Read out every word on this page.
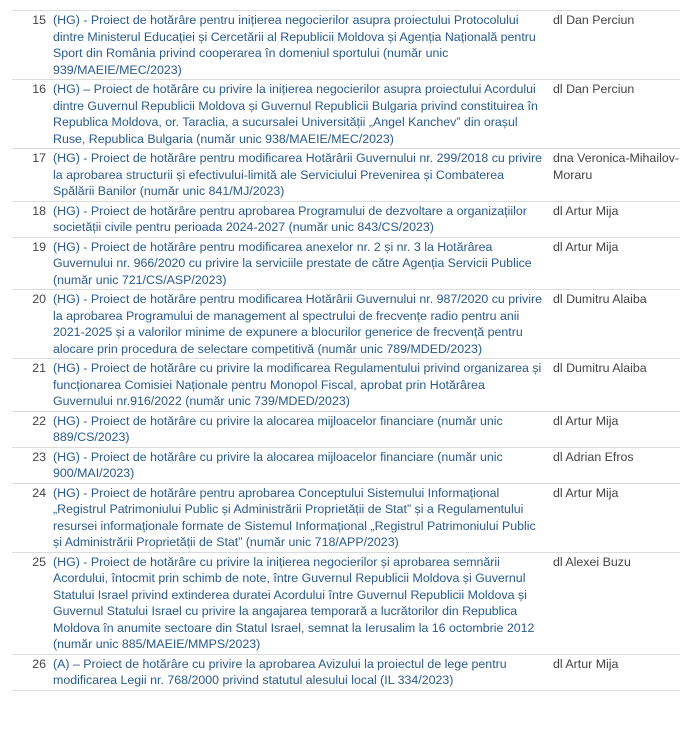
15	(HG) - Proiect de hotărâre pentru inițierea negocierilor asupra proiectului Protocolului dintre Ministerul Educației și Cercetării al Republicii Moldova și Agenția Națională pentru Sport din România privind cooperarea în domeniul sportului (număr unic 939/MAEIE/MEC/2023)	dl Dan Perciun
16	(HG) – Proiect de hotărâre cu privire la inițierea negocierilor asupra proiectului Acordului dintre Guvernul Republicii Moldova și Guvernul Republicii Bulgaria privind constituirea în Republica Moldova, or. Taraclia, a sucursalei Universității „Angel Kanchev” din orașul Ruse, Republica Bulgaria (număr unic 938/MAEIE/MEC/2023)	dl Dan Perciun
17	(HG) - Proiect de hotărâre pentru modificarea Hotărârii Guvernului nr. 299/2018 cu privire la aprobarea structurii și efectivului-limită ale Serviciului Prevenirea și Combaterea Spălării Banilor (număr unic 841/MJ/2023)	dna Veronica-Mihailov-Moraru
18	(HG) - Proiect de hotărâre pentru aprobarea Programului de dezvoltare a organizațiilor societății civile pentru perioada 2024-2027 (număr unic 843/CS/2023)	dl Artur Mija
19	(HG) - Proiect de hotărâre pentru modificarea anexelor nr. 2 și nr. 3 la Hotărârea Guvernului nr. 966/2020 cu privire la serviciile prestate de către Agenția Servicii Publice (număr unic 721/CS/ASP/2023)	dl Artur Mija
20	(HG) - Proiect de hotărâre pentru modificarea Hotărârii Guvernului nr. 987/2020 cu privire la aprobarea Programului de management al spectrului de frecvențe radio pentru anii 2021-2025 și a valorilor minime de expunere a blocurilor generice de frecvență pentru alocare prin procedura de selectare competitivă (număr unic 789/MDED/2023)	dl Dumitru Alaiba
21	(HG) - Proiect de hotărâre cu privire la modificarea Regulamentului privind organizarea și funcționarea Comisiei Naționale pentru Monopol Fiscal, aprobat prin Hotărârea Guvernului nr.916/2022 (număr unic 739/MDED/2023)	dl Dumitru Alaiba
22	(HG) - Proiect de hotărâre cu privire la alocarea mijloacelor financiare (număr unic 889/CS/2023)	dl Artur Mija
23	(HG) - Proiect de hotărâre cu privire la alocarea mijloacelor financiare (număr unic 900/MAI/2023)	dl Adrian Efros
24	(HG) - Proiect de hotărâre pentru aprobarea Conceptului Sistemului Informațional „Registrul Patrimoniului Public și Administrării Proprietății de Stat” și a Regulamentului resursei informaționale formate de Sistemul Informațional „Registrul Patrimoniului Public și Administrării Proprietății de Stat” (număr unic 718/APP/2023)	dl Artur Mija
25	(HG) - Proiect de hotărâre cu privire la inițierea negocierilor și aprobarea semnării Acordului, întocmit prin schimb de note, între Guvernul Republicii Moldova și Guvernul Statului Israel privind extinderea duratei Acordului între Guvernul Republicii Moldova și Guvernul Statului Israel cu privire la angajarea temporară a lucrătorilor din Republica Moldova în anumite sectoare din Statul Israel, semnat la Ierusalim la 16 octombrie 2012 (număr unic 885/MAEIE/MMPS/2023)	dl Alexei Buzu
26	(A) – Proiect de hotărâre cu privire la aprobarea Avizului la proiectul de lege pentru modificarea Legii nr. 768/2000 privind statutul alesului local (IL 334/2023)	dl Artur Mija
